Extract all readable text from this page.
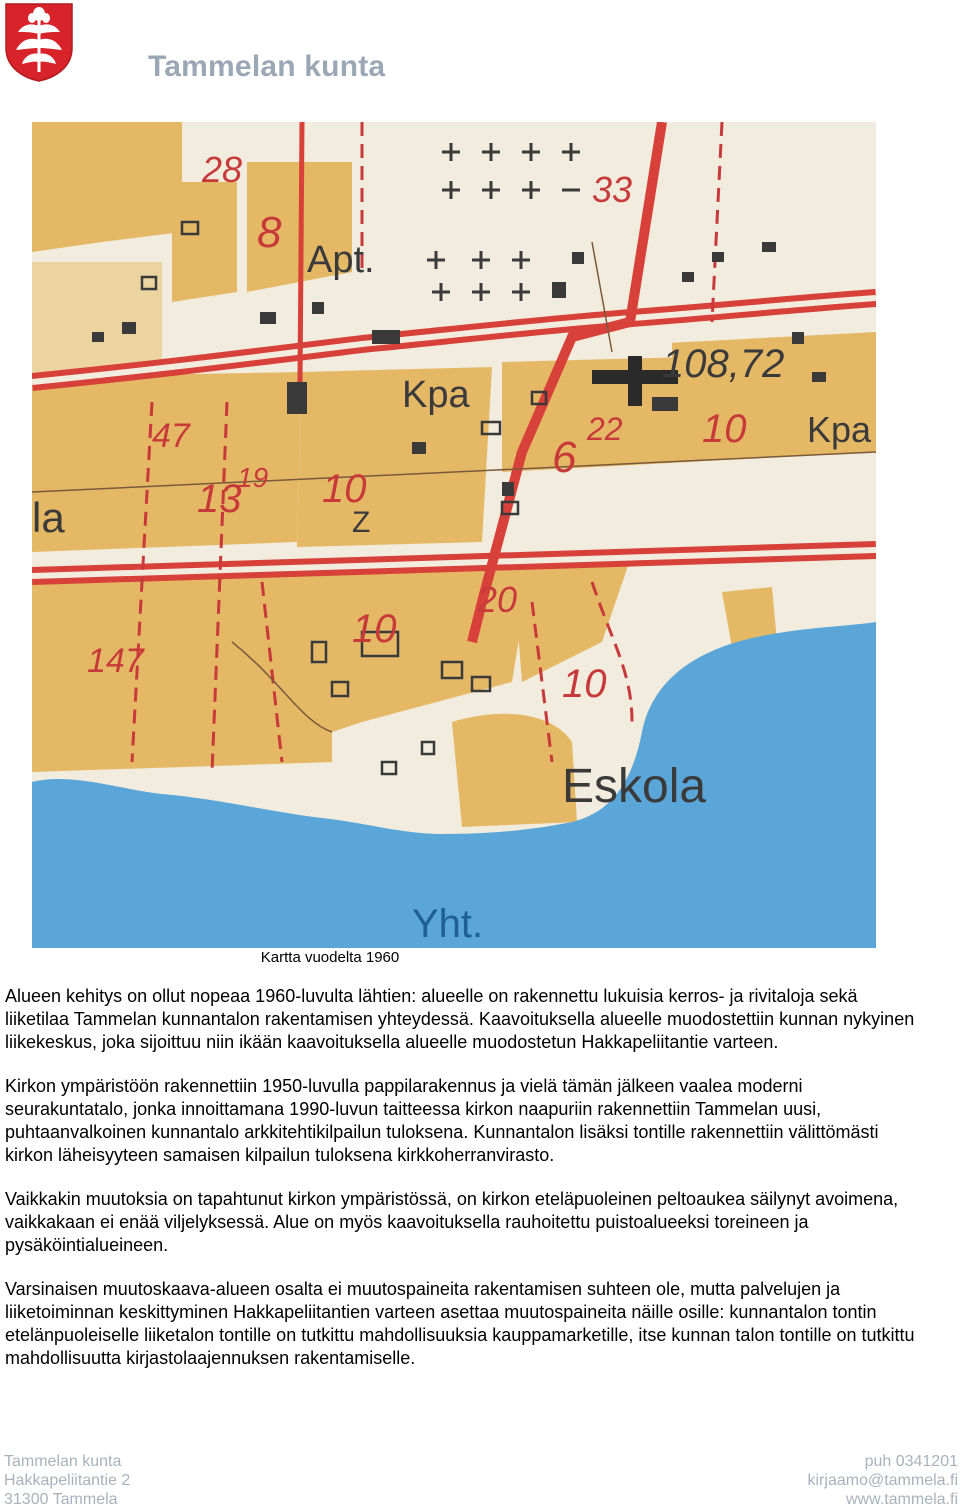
Tammelan kunta
Apt.
Kpa
Kpa
Eskola
Yht.
108,72
10
10
10
10
20
22
28	33
47
147
13
19
8
6
la	Z
Kartta vuodelta 1960

Alueen kehitys on ollut nopeaa 1960-luvulta lähtien: alueelle on rakennettu lukuisia kerros- ja rivitaloja sekä liiketilaa Tammelan kunnantalon rakentamisen yhteydessä. Kaavoituksella alueelle muodostettiin kunnan nykyinen liikekeskus, joka sijoittuu niin ikään kaavoituksella alueelle muodostetun Hakkapeliitantie varteen.

Kirkon ympäristöön rakennettiin 1950-luvulla pappilarakennus ja vielä tämän jälkeen vaalea moderni seurakuntatalo, jonka innoittamana 1990-luvun taitteessa kirkon naapuriin rakennettiin Tammelan uusi, puhtaanvalkoinen kunnantalo arkkitehtikilpailun tuloksena. Kunnantalon lisäksi tontille rakennettiin välittömästi kirkon läheisyyteen samaisen kilpailun tuloksena kirkkoherranvirasto.

Vaikkakin muutoksia on tapahtunut kirkon ympäristössä, on kirkon eteläpuoleinen peltoaukea säilynyt avoimena, vaikkakaan ei enää viljelyksessä. Alue on myös kaavoituksella rauhoitettu puistoalueeksi toreineen ja pysäköintialueineen.

Varsinaisen muutoskaava-alueen osalta ei muutospaineita rakentamisen suhteen ole, mutta palvelujen ja liiketoiminnan keskittyminen Hakkapeliitantien varteen asettaa muutospaineita näille osille: kunnantalon tontin etelänpuoleiselle liiketalon tontille on tutkittu mahdollisuuksia kauppamarketille, itse kunnan talon tontille on tutkittu mahdollisuutta kirjastolaajennuksen rakentamiselle.

Tammelan kunta
Hakkapeliitantie 2
31300 Tammela
puh 0341201
kirjaamo@tammela.fi
www.tammela.fi
